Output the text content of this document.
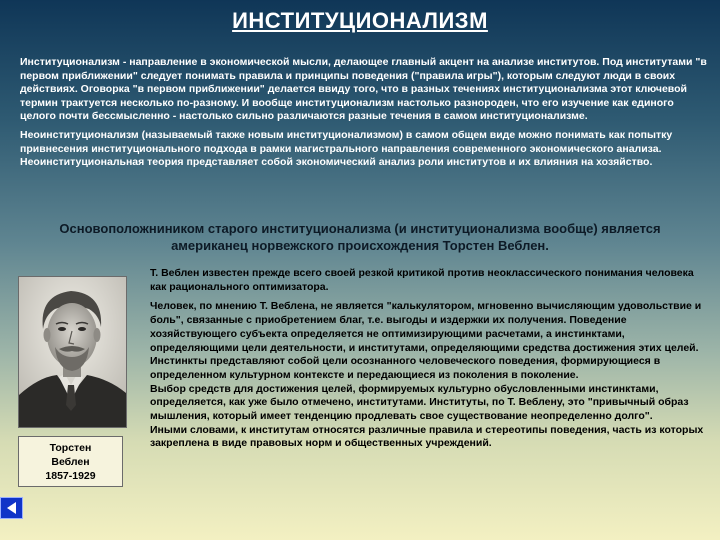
ИНСТИТУЦИОНАЛИЗМ

Институционализм - направление в экономической мысли, делающее главный акцент на анализе институтов. Под институтами "в первом приближении" следует понимать правила и принципы поведения ("правила игры"), которым следуют люди в своих действиях. Оговорка "в первом приближении" делается ввиду того, что в разных течениях институционализма этот ключевой термин трактуется несколько по-разному. И вообще институционализм настолько разнороден, что его изучение как единого целого почти бессмысленно - настолько сильно различаются разные течения в самом институционализме.

Неоинституционализм (называемый также новым институционализмом) в самом общем виде можно понимать как попытку привнесения институционального подхода в рамки магистрального направления современного экономического анализа. Неоинституциональная теория представляет собой экономический анализ роли институтов и их влияния на хозяйство.

Основоположниником старого институционализма (и институционализма вообще) является американец норвежского происхождения Торстен Веблен.
Торстен
Веблен
1857-1929

Т. Веблен известен прежде всего своей резкой критикой против неоклассического понимания человека как рационального оптимизатора.

Человек, по мнению Т. Веблена, не является "калькулятором, мгновенно вычисляющим удовольствие и боль", связанные с приобретением благ, т.е. выгоды и издержки их получения. Поведение хозяйствующего субъекта определяется не оптимизирующими расчетами, а инстинктами, определяющими цели деятельности, и институтами, определяющими средства достижения этих целей.

Инстинкты представляют собой цели осознанного человеческого поведения, формирующиеся в определенном культурном контексте и передающиеся из поколения в поколение.

Выбор средств для достижения целей, формируемых культурно обусловленными инстинктами, определяется, как уже было отмечено, институтами. Институты, по Т. Веблену, это "привычный образ мышления, который имеет тенденцию продлевать свое существование неопределенно долго".

Иными словами, к институтам относятся различные правила и стереотипы поведения, часть из которых закреплена в виде правовых норм и общественных учреждений.
